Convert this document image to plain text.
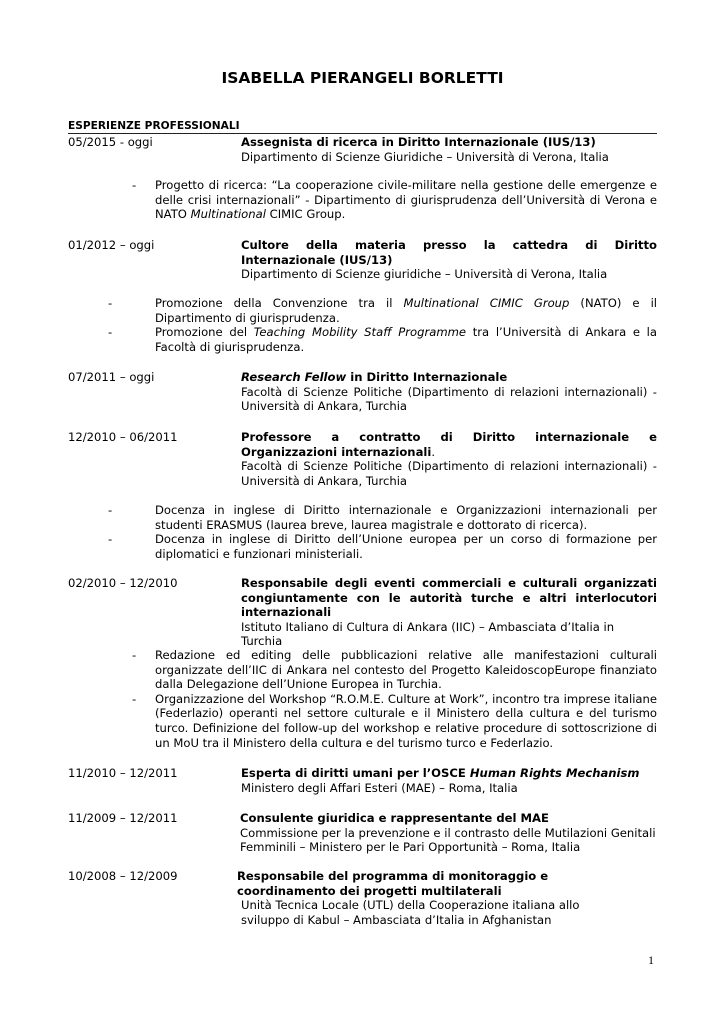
ISABELLA PIERANGELI BORLETTI
ESPERIENZE PROFESSIONALI
05/2015 - oggi	Assegnista di ricerca in Diritto Internazionale (IUS/13)
Dipartimento di Scienze Giuridiche – Università di Verona, Italia
- Progetto di ricerca: “La cooperazione civile-militare nella gestione delle emergenze e delle crisi internazionali” - Dipartimento di giurisprudenza dell’Università di Verona e NATO Multinational CIMIC Group.
01/2012 – oggi	Cultore della materia presso la cattedra di Diritto Internazionale (IUS/13)
Dipartimento di Scienze giuridiche – Università di Verona, Italia
-	Promozione della Convenzione tra il Multinational CIMIC Group (NATO) e il Dipartimento di giurisprudenza.
-	Promozione del Teaching Mobility Staff Programme tra l’Università di Ankara e la Facoltà di giurisprudenza.
07/2011 – oggi	Research Fellow in Diritto Internazionale
Facoltà di Scienze Politiche (Dipartimento di relazioni internazionali) - Università di Ankara, Turchia
12/2010 – 06/2011	Professore a contratto di Diritto internazionale e Organizzazioni internazionali.
Facoltà di Scienze Politiche (Dipartimento di relazioni internazionali) - Università di Ankara, Turchia
-	Docenza in inglese di Diritto internazionale e Organizzazioni internazionali per studenti ERASMUS (laurea breve, laurea magistrale e dottorato di ricerca).
-	Docenza in inglese di Diritto dell’Unione europea per un corso di formazione per diplomatici e funzionari ministeriali.
02/2010 – 12/2010	Responsabile degli eventi commerciali e culturali organizzati congiuntamente con le autorità turche e altri interlocutori internazionali
Istituto Italiano di Cultura di Ankara (IIC) – Ambasciata d’Italia in Turchia
- Redazione ed editing delle pubblicazioni relative alle manifestazioni culturali organizzate dell’IIC di Ankara nel contesto del Progetto KaleidoscopEurope finanziato dalla Delegazione dell’Unione Europea in Turchia.
- Organizzazione del Workshop “R.O.M.E. Culture at Work”, incontro tra imprese italiane (Federlazio) operanti nel settore culturale e il Ministero della cultura e del turismo turco. Definizione del follow-up del workshop e relative procedure di sottoscrizione di un MoU tra il Ministero della cultura e del turismo turco e Federlazio.
11/2010 – 12/2011	Esperta di diritti umani per l’OSCE Human Rights Mechanism
Ministero degli Affari Esteri (MAE) – Roma, Italia
11/2009 – 12/2011	Consulente giuridica e rappresentante del MAE
Commissione per la prevenzione e il contrasto delle Mutilazioni Genitali Femminili – Ministero per le Pari Opportunità – Roma, Italia
10/2008 – 12/2009	Responsabile del programma di monitoraggio e coordinamento dei progetti multilaterali
Unità Tecnica Locale (UTL) della Cooperazione italiana allo sviluppo di Kabul – Ambasciata d’Italia in Afghanistan
1
